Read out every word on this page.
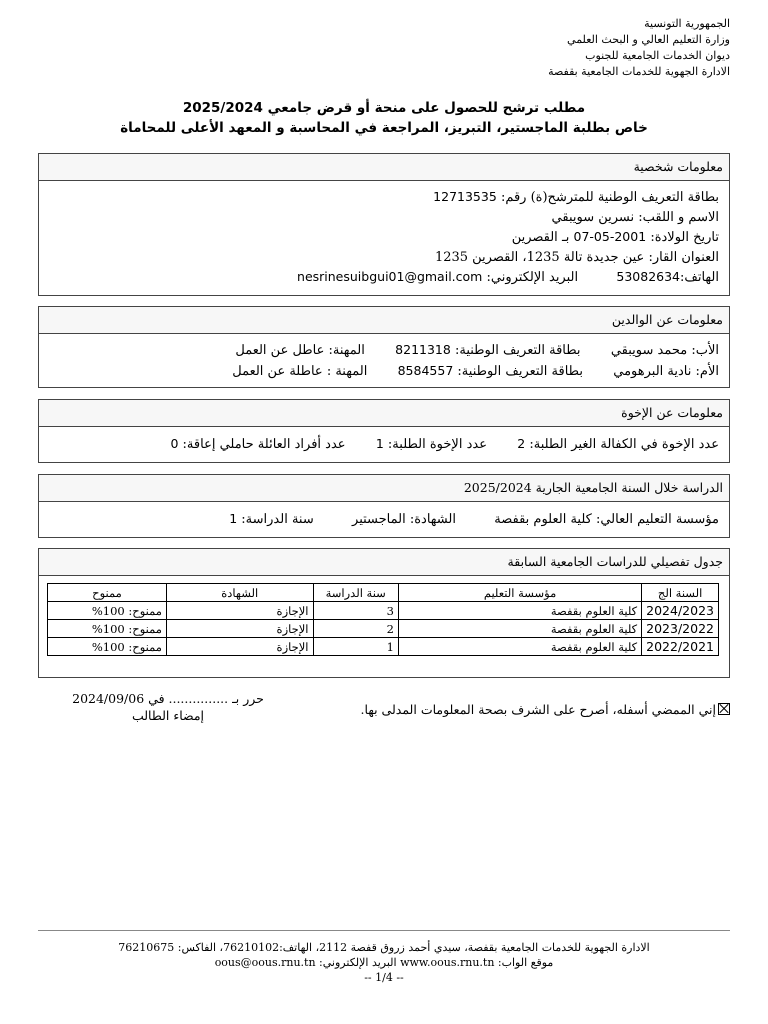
الجمهورية التونسية
وزارة التعليم العالي و البحث العلمي
ديوان الخدمات الجامعية للجنوب
الادارة الجهوية للخدمات الجامعية بقفصة
مطلب ترشح للحصول على منحة أو قرض جامعي 2025/2024
خاص بطلبة الماجستير، التبريز، المراجعة في المحاسبة و المعهد الأعلى للمحاماة
معلومات شخصية
بطاقة التعريف الوطنية للمترشح(ة) رقم: 12713535
الاسم و اللقب: نسرين سويبقي
تاريخ الولادة: 07-05-2001 بـ القصرين
العنوان القار: عين جديدة تالة 1235، القصرين 1235
الهاتف:53082634  البريد الإلكتروني: nesrinesuibgui01@gmail.com
معلومات عن الوالدين
الأب: محمد سويبقي  بطاقة التعريف الوطنية: 8211318  المهنة: عاطل عن العمل
الأم: نادية البرهومي  بطاقة التعريف الوطنية: 8584557  المهنة : عاطلة عن العمل
معلومات عن الإخوة
عدد الإخوة في الكفالة الغير الطلبة: 2  عدد الإخوة الطلبة: 1  عدد أفراد العائلة حاملي إعاقة: 0
الدراسة خلال السنة الجامعية الجارية 2025/2024
مؤسسة التعليم العالي: كلية العلوم بقفصة  الشهادة: الماجستير  سنة الدراسة: 1
جدول تفصيلي للدراسات الجامعية السابقة
السنة الج	مؤسسة التعليم	سنة الدراسة	الشهادة	ممنوح
2024/2023	كلية العلوم بقفصة	3	الإجازة	ممنوح: 100%
2023/2022	كلية العلوم بقفصة	2	الإجازة	ممنوح: 100%
2022/2021	كلية العلوم بقفصة	1	الإجازة	ممنوح: 100%
إني الممضي أسفله، أصرح على الشرف بصحة المعلومات المدلى بها.
حرر بـ ............... في 2024/09/06
إمضاء الطالب
الادارة الجهوية للخدمات الجامعية بقفصة، سيدي أحمد زروق قفصة 2112، الهاتف:76210102، الفاكس: 76210675
موقع الواب: www.oous.rnu.tn البريد الإلكتروني: oous@oous.rnu.tn
-- 1/4 --
